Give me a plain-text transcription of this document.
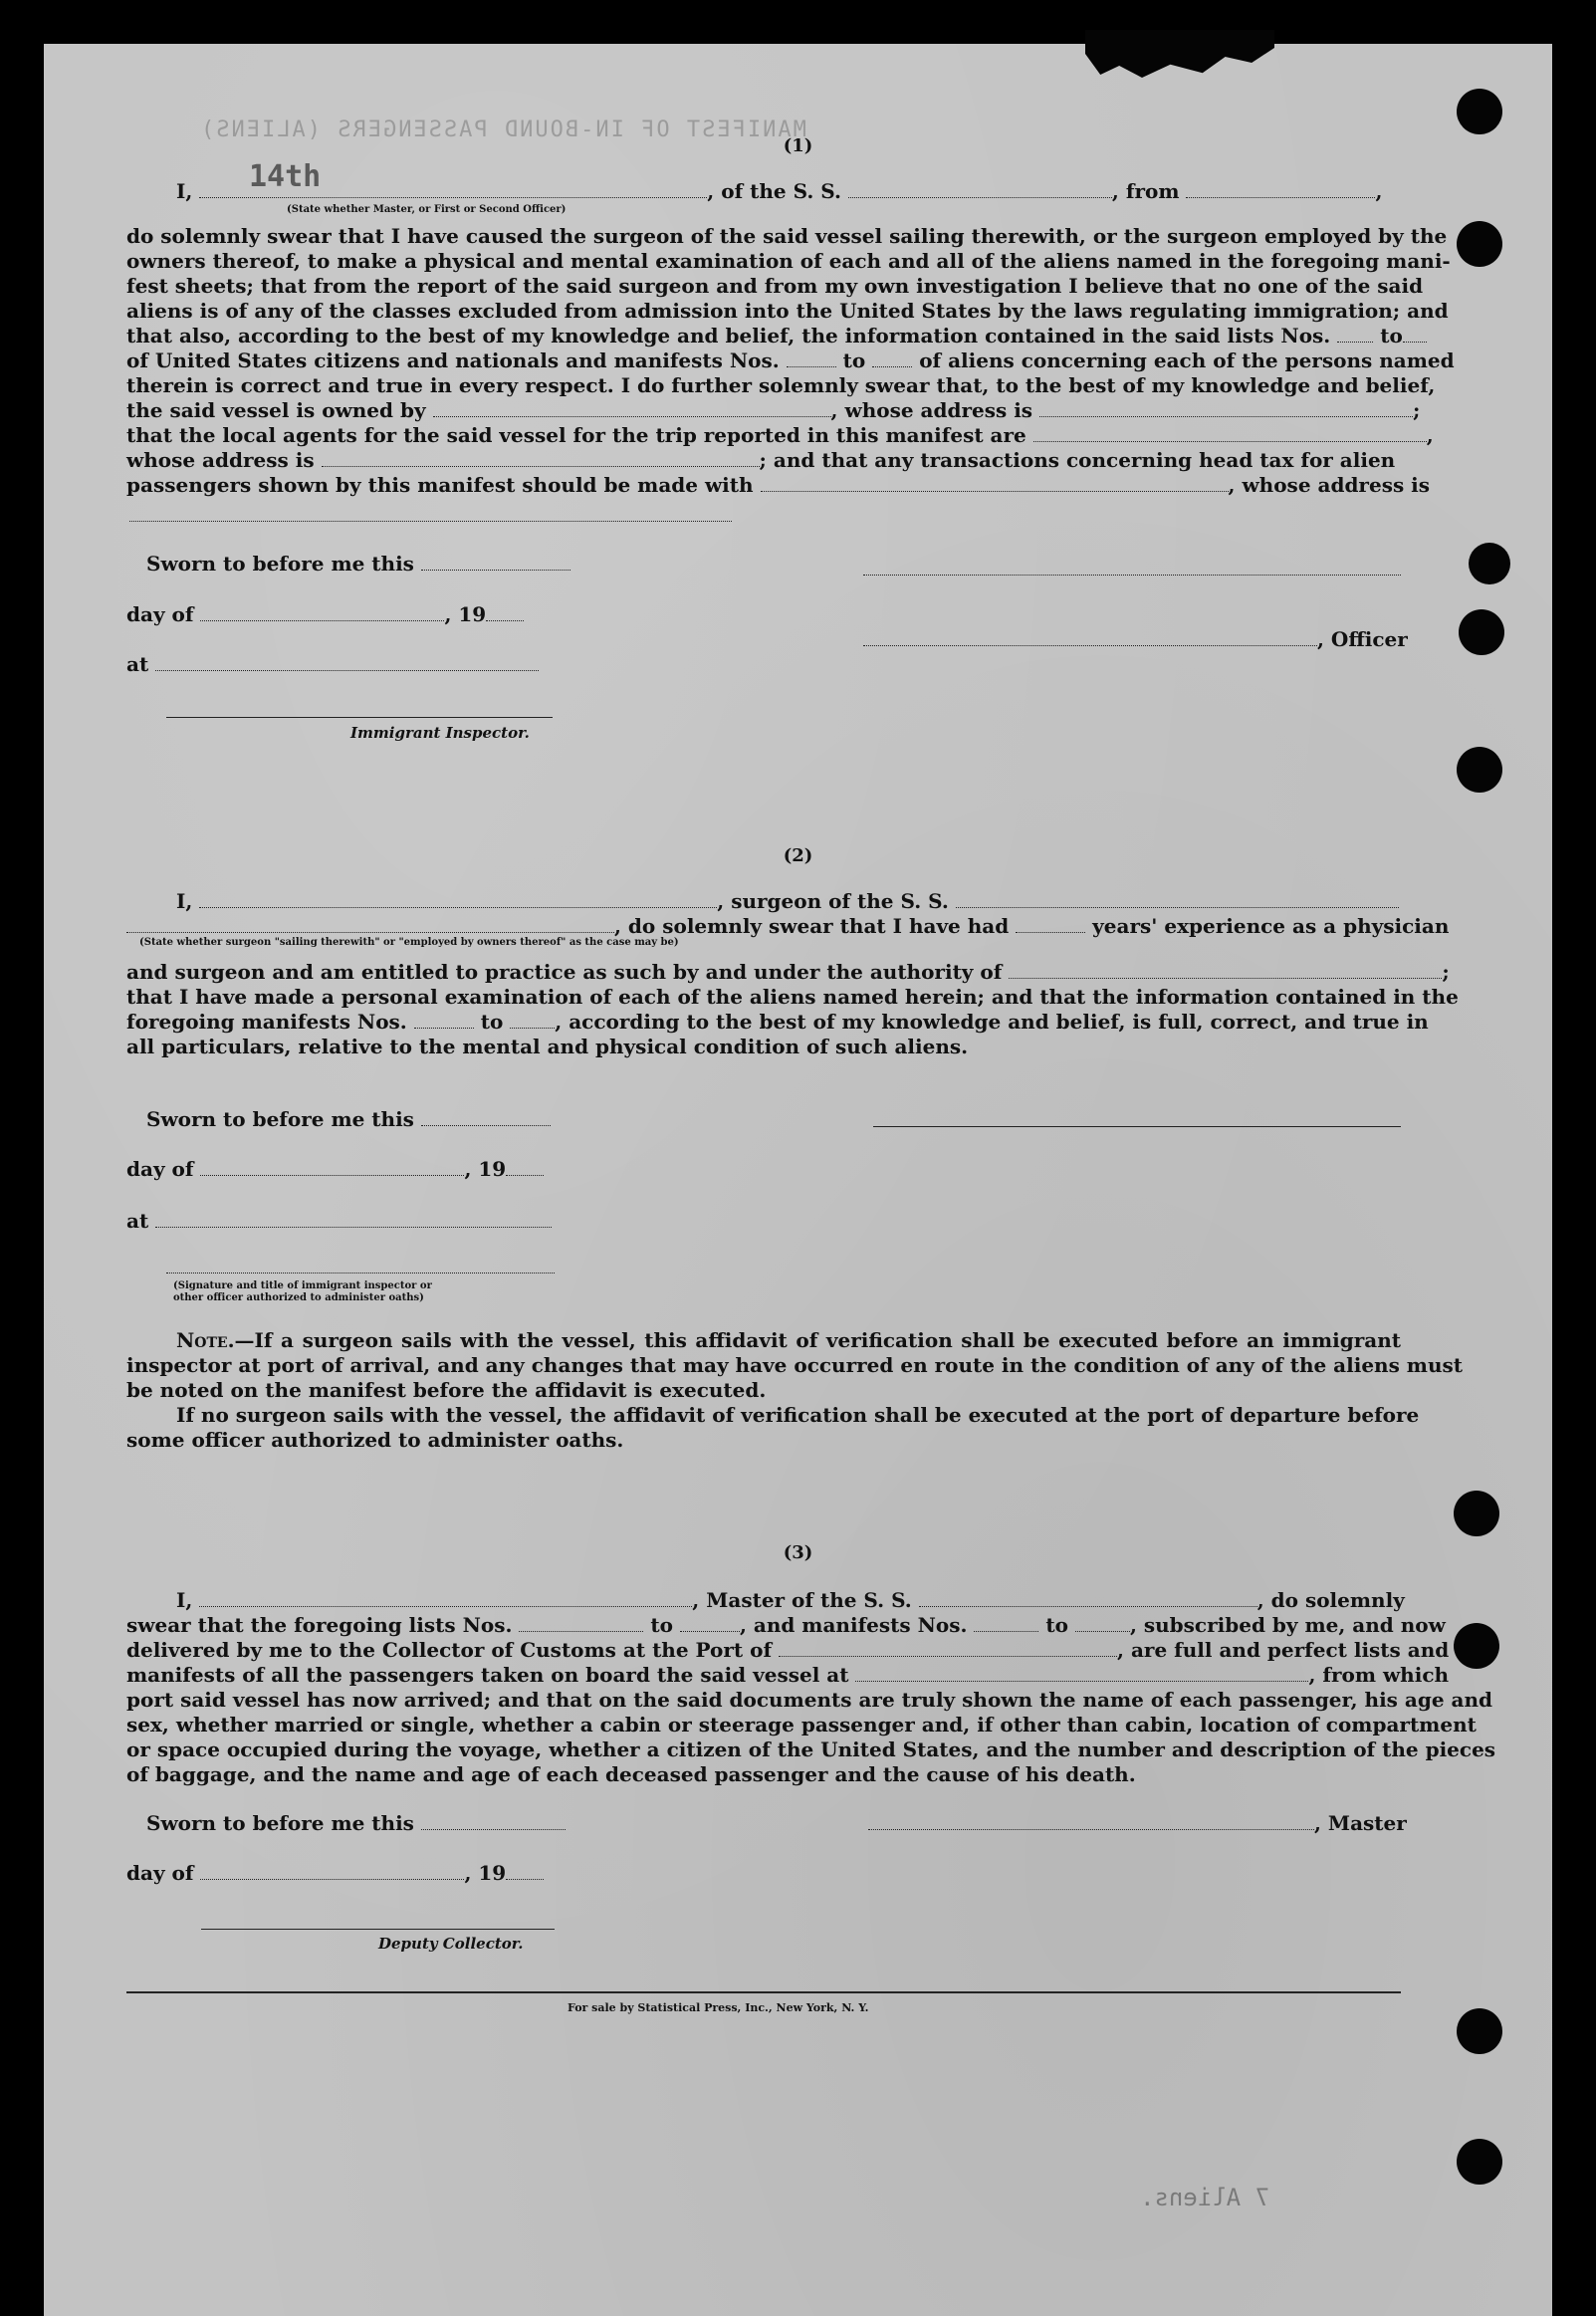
MANIFEST OF IN-BOUND PASSENGERS (ALIENS)
14th
(1)
I,	, of the S. S.	, from	,
(State whether Master, or First or Second Officer)
do solemnly swear that I have caused the surgeon of the said vessel sailing therewith, or the surgeon employed by the
owners thereof, to make a physical and mental examination of each and all of the aliens named in the foregoing mani-
fest sheets; that from the report of the said surgeon and from my own investigation I believe that no one of the said
aliens is of any of the classes excluded from admission into the United States by the laws regulating immigration; and
that also, according to the best of my knowledge and belief, the information contained in the said lists Nos. to
of United States citizens and nationals and manifests Nos.	to	of aliens concerning each of the persons named
therein is correct and true in every respect. I do further solemnly swear that, to the best of my knowledge and belief,
the said vessel is owned by	, whose address is	;
that the local agents for the said vessel for the trip reported in this manifest are	,
whose address is	; and that any transactions concerning head tax for alien
passengers shown by this manifest should be made with	, whose address is
Sworn to before me this
day of	, 19
, Officer
at
Immigrant Inspector.
(2)
I,	, surgeon of the S. S.
, do solemnly swear that I have had	years' experience as a physician
(State whether surgeon "sailing therewith" or "employed by owners thereof" as the case may be)
and surgeon and am entitled to practice as such by and under the authority of	;
that I have made a personal examination of each of the aliens named herein; and that the information contained in the
foregoing manifests Nos.	to	, according to the best of my knowledge and belief, is full, correct, and true in
all particulars, relative to the mental and physical condition of such aliens.
Sworn to before me this
day of	, 19
at
(Signature and title of immigrant inspector or
other officer authorized to administer oaths)
Note.—If a surgeon sails with the vessel, this affidavit of verification shall be executed before an immigrant
inspector at port of arrival, and any changes that may have occurred en route in the condition of any of the aliens must
be noted on the manifest before the affidavit is executed.
If no surgeon sails with the vessel, the affidavit of verification shall be executed at the port of departure before
some officer authorized to administer oaths.
(3)
I,	, Master of the S. S.	, do solemnly
swear that the foregoing lists Nos.	to	, and manifests Nos.	to	, subscribed by me, and now
delivered by me to the Collector of Customs at the Port of	, are full and perfect lists and
manifests of all the passengers taken on board the said vessel at	, from which
port said vessel has now arrived; and that on the said documents are truly shown the name of each passenger, his age and
sex, whether married or single, whether a cabin or steerage passenger and, if other than cabin, location of compartment
or space occupied during the voyage, whether a citizen of the United States, and the number and description of the pieces
of baggage, and the name and age of each deceased passenger and the cause of his death.
Sworn to before me this	, Master
day of	, 19
Deputy Collector.
For sale by Statistical Press, Inc., New York, N. Y.
7 Aliens.
